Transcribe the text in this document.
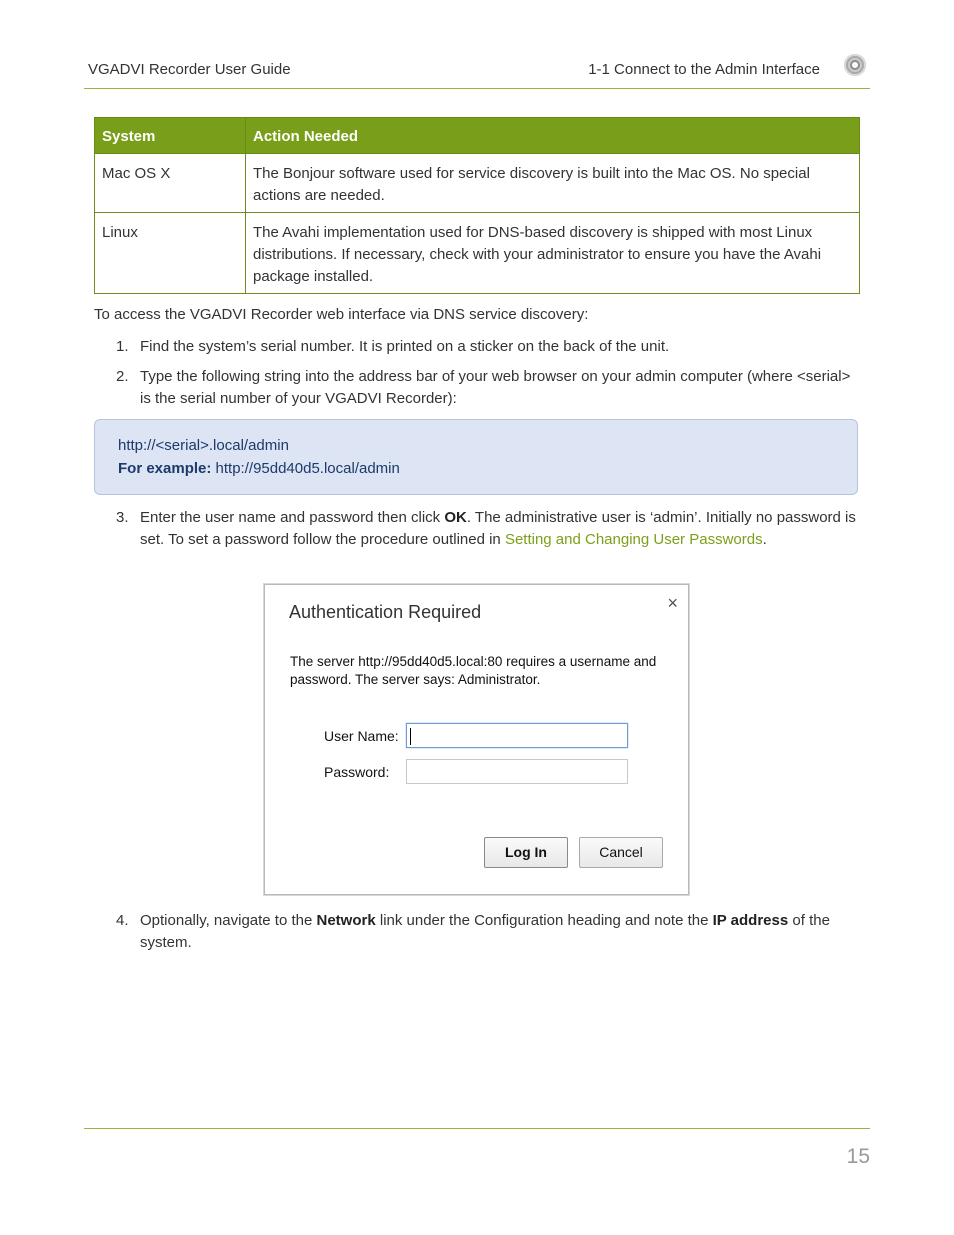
VGADVI Recorder User Guide	1-1 Connect to the Admin Interface
System	Action Needed
Mac OS X	The Bonjour software used for service discovery is built into the Mac OS. No special actions are needed.
Linux	The Avahi implementation used for DNS-based discovery is shipped with most Linux distributions. If necessary, check with your administrator to ensure you have the Avahi package installed.
To access the VGADVI Recorder web interface via DNS service discovery:
1. Find the system’s serial number. It is printed on a sticker on the back of the unit.
2. Type the following string into the address bar of your web browser on your admin computer (where <serial> is the serial number of your VGADVI Recorder):
http://<serial>.local/admin
For example: http://95dd40d5.local/admin
3. Enter the user name and password then click OK. The administrative user is ‘admin’. Initially no password is set. To set a password follow the procedure outlined in Setting and Changing User Passwords.
Authentication Required	×
The server http://95dd40d5.local:80 requires a username and password. The server says: Administrator.
User Name:
Password:
Log In	Cancel
4. Optionally, navigate to the Network link under the Configuration heading and note the IP address of the system.
15
